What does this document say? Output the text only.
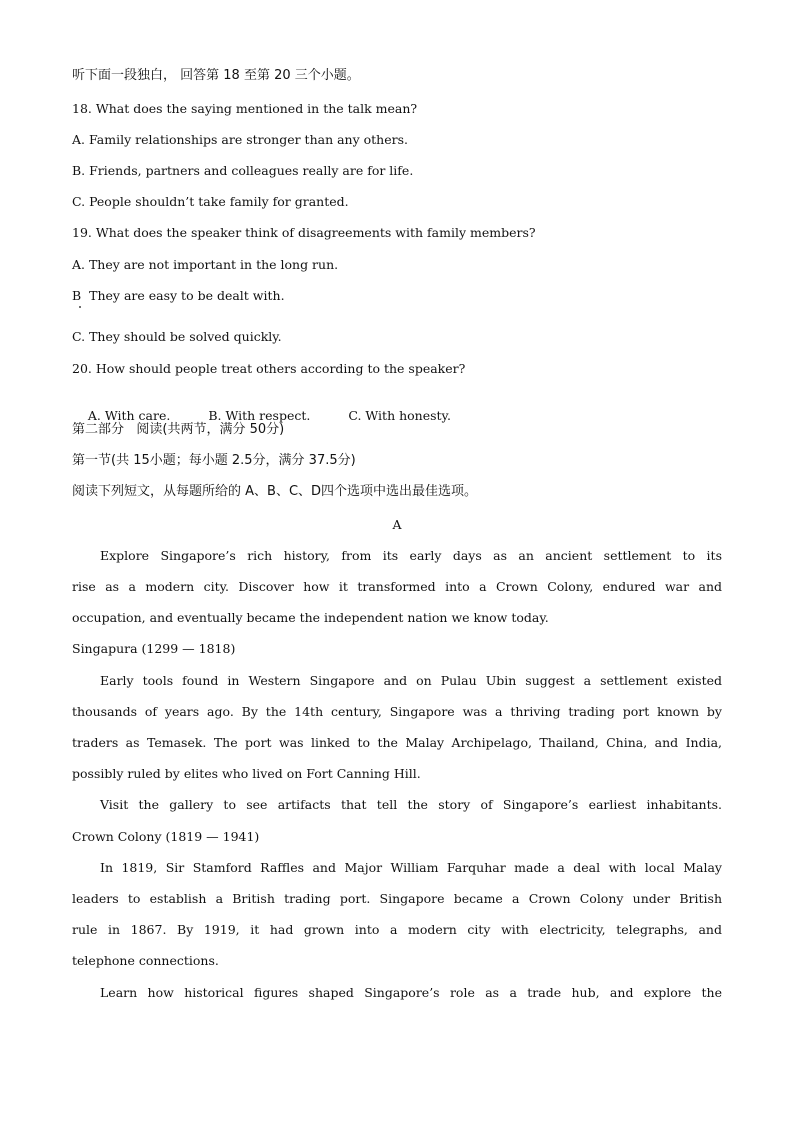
听下面一段独白， 回答第 18 至第 20 三个小题。
18. What does the saying mentioned in the talk mean?
A. Family relationships are stronger than any others.
B. Friends, partners and colleagues really are for life.
C. People shouldn’t take family for granted.
19. What does the speaker think of disagreements with family members?
A. They are not important in the long run.
B  They are easy to be dealt with.
C. They should be solved quickly.
20. How should people treat others according to the speaker?

A. With care.	B. With respect.	C. With honesty.

第二部分   阅读(共两节，满分 50分)
第一节(共 15小题；每小题 2.5分，满分 37.5分)
阅读下列短文，从每题所给的 A、B、C、D四个选项中选出最佳选项。
A
Explore Singapore’s rich history, from its early days as an ancient settlement to its
rise as a modern city. Discover how it transformed into a Crown Colony, endured war and
occupation, and eventually became the independent nation we know today.
Singapura (1299 — 1818)
Early tools found in Western Singapore and on Pulau Ubin suggest a settlement existed
thousands of years ago. By the 14th century, Singapore was a thriving trading port known by
traders as Temasek. The port was linked to the Malay Archipelago, Thailand, China, and India,
possibly ruled by elites who lived on Fort Canning Hill.
Visit the gallery to see artifacts that tell the story of Singapore’s earliest inhabitants.
Crown Colony (1819 — 1941)
In 1819, Sir Stamford Raffles and Major William Farquhar made a deal with local Malay
leaders to establish a British trading port. Singapore became a Crown Colony under British
rule in 1867. By 1919, it had grown into a modern city with electricity, telegraphs, and
telephone connections.
Learn how historical figures shaped Singapore’s role as a trade hub, and explore the
